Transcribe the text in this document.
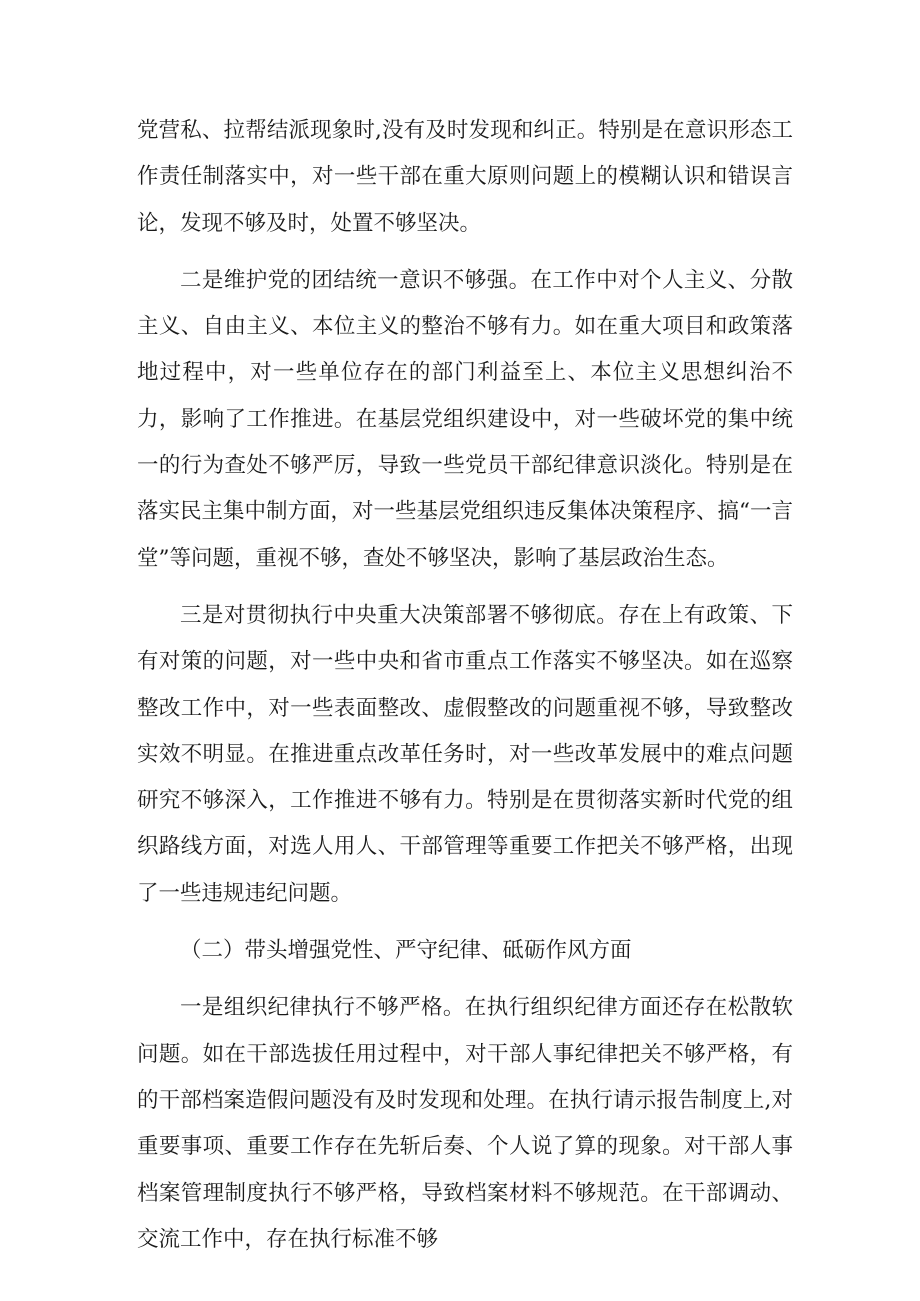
党营私、拉帮结派现象时,没有及时发现和纠正。特别是在意识形态工作责任制落实中，对一些干部在重大原则问题上的模糊认识和错误言论，发现不够及时，处置不够坚决。

二是维护党的团结统一意识不够强。在工作中对个人主义、分散主义、自由主义、本位主义的整治不够有力。如在重大项目和政策落地过程中，对一些单位存在的部门利益至上、本位主义思想纠治不力，影响了工作推进。在基层党组织建设中，对一些破坏党的集中统一的行为查处不够严厉，导致一些党员干部纪律意识淡化。特别是在落实民主集中制方面，对一些基层党组织违反集体决策程序、搞“一言堂”等问题，重视不够，查处不够坚决，影响了基层政治生态。

三是对贯彻执行中央重大决策部署不够彻底。存在上有政策、下有对策的问题，对一些中央和省市重点工作落实不够坚决。如在巡察整改工作中，对一些表面整改、虚假整改的问题重视不够，导致整改实效不明显。在推进重点改革任务时，对一些改革发展中的难点问题研究不够深入，工作推进不够有力。特别是在贯彻落实新时代党的组织路线方面，对选人用人、干部管理等重要工作把关不够严格，出现了一些违规违纪问题。

（二）带头增强党性、严守纪律、砥砺作风方面

一是组织纪律执行不够严格。在执行组织纪律方面还存在松散软问题。如在干部选拔任用过程中，对干部人事纪律把关不够严格，有的干部档案造假问题没有及时发现和处理。在执行请示报告制度上,对重要事项、重要工作存在先斩后奏、个人说了算的现象。对干部人事档案管理制度执行不够严格，导致档案材料不够规范。在干部调动、交流工作中，存在执行标准不够
